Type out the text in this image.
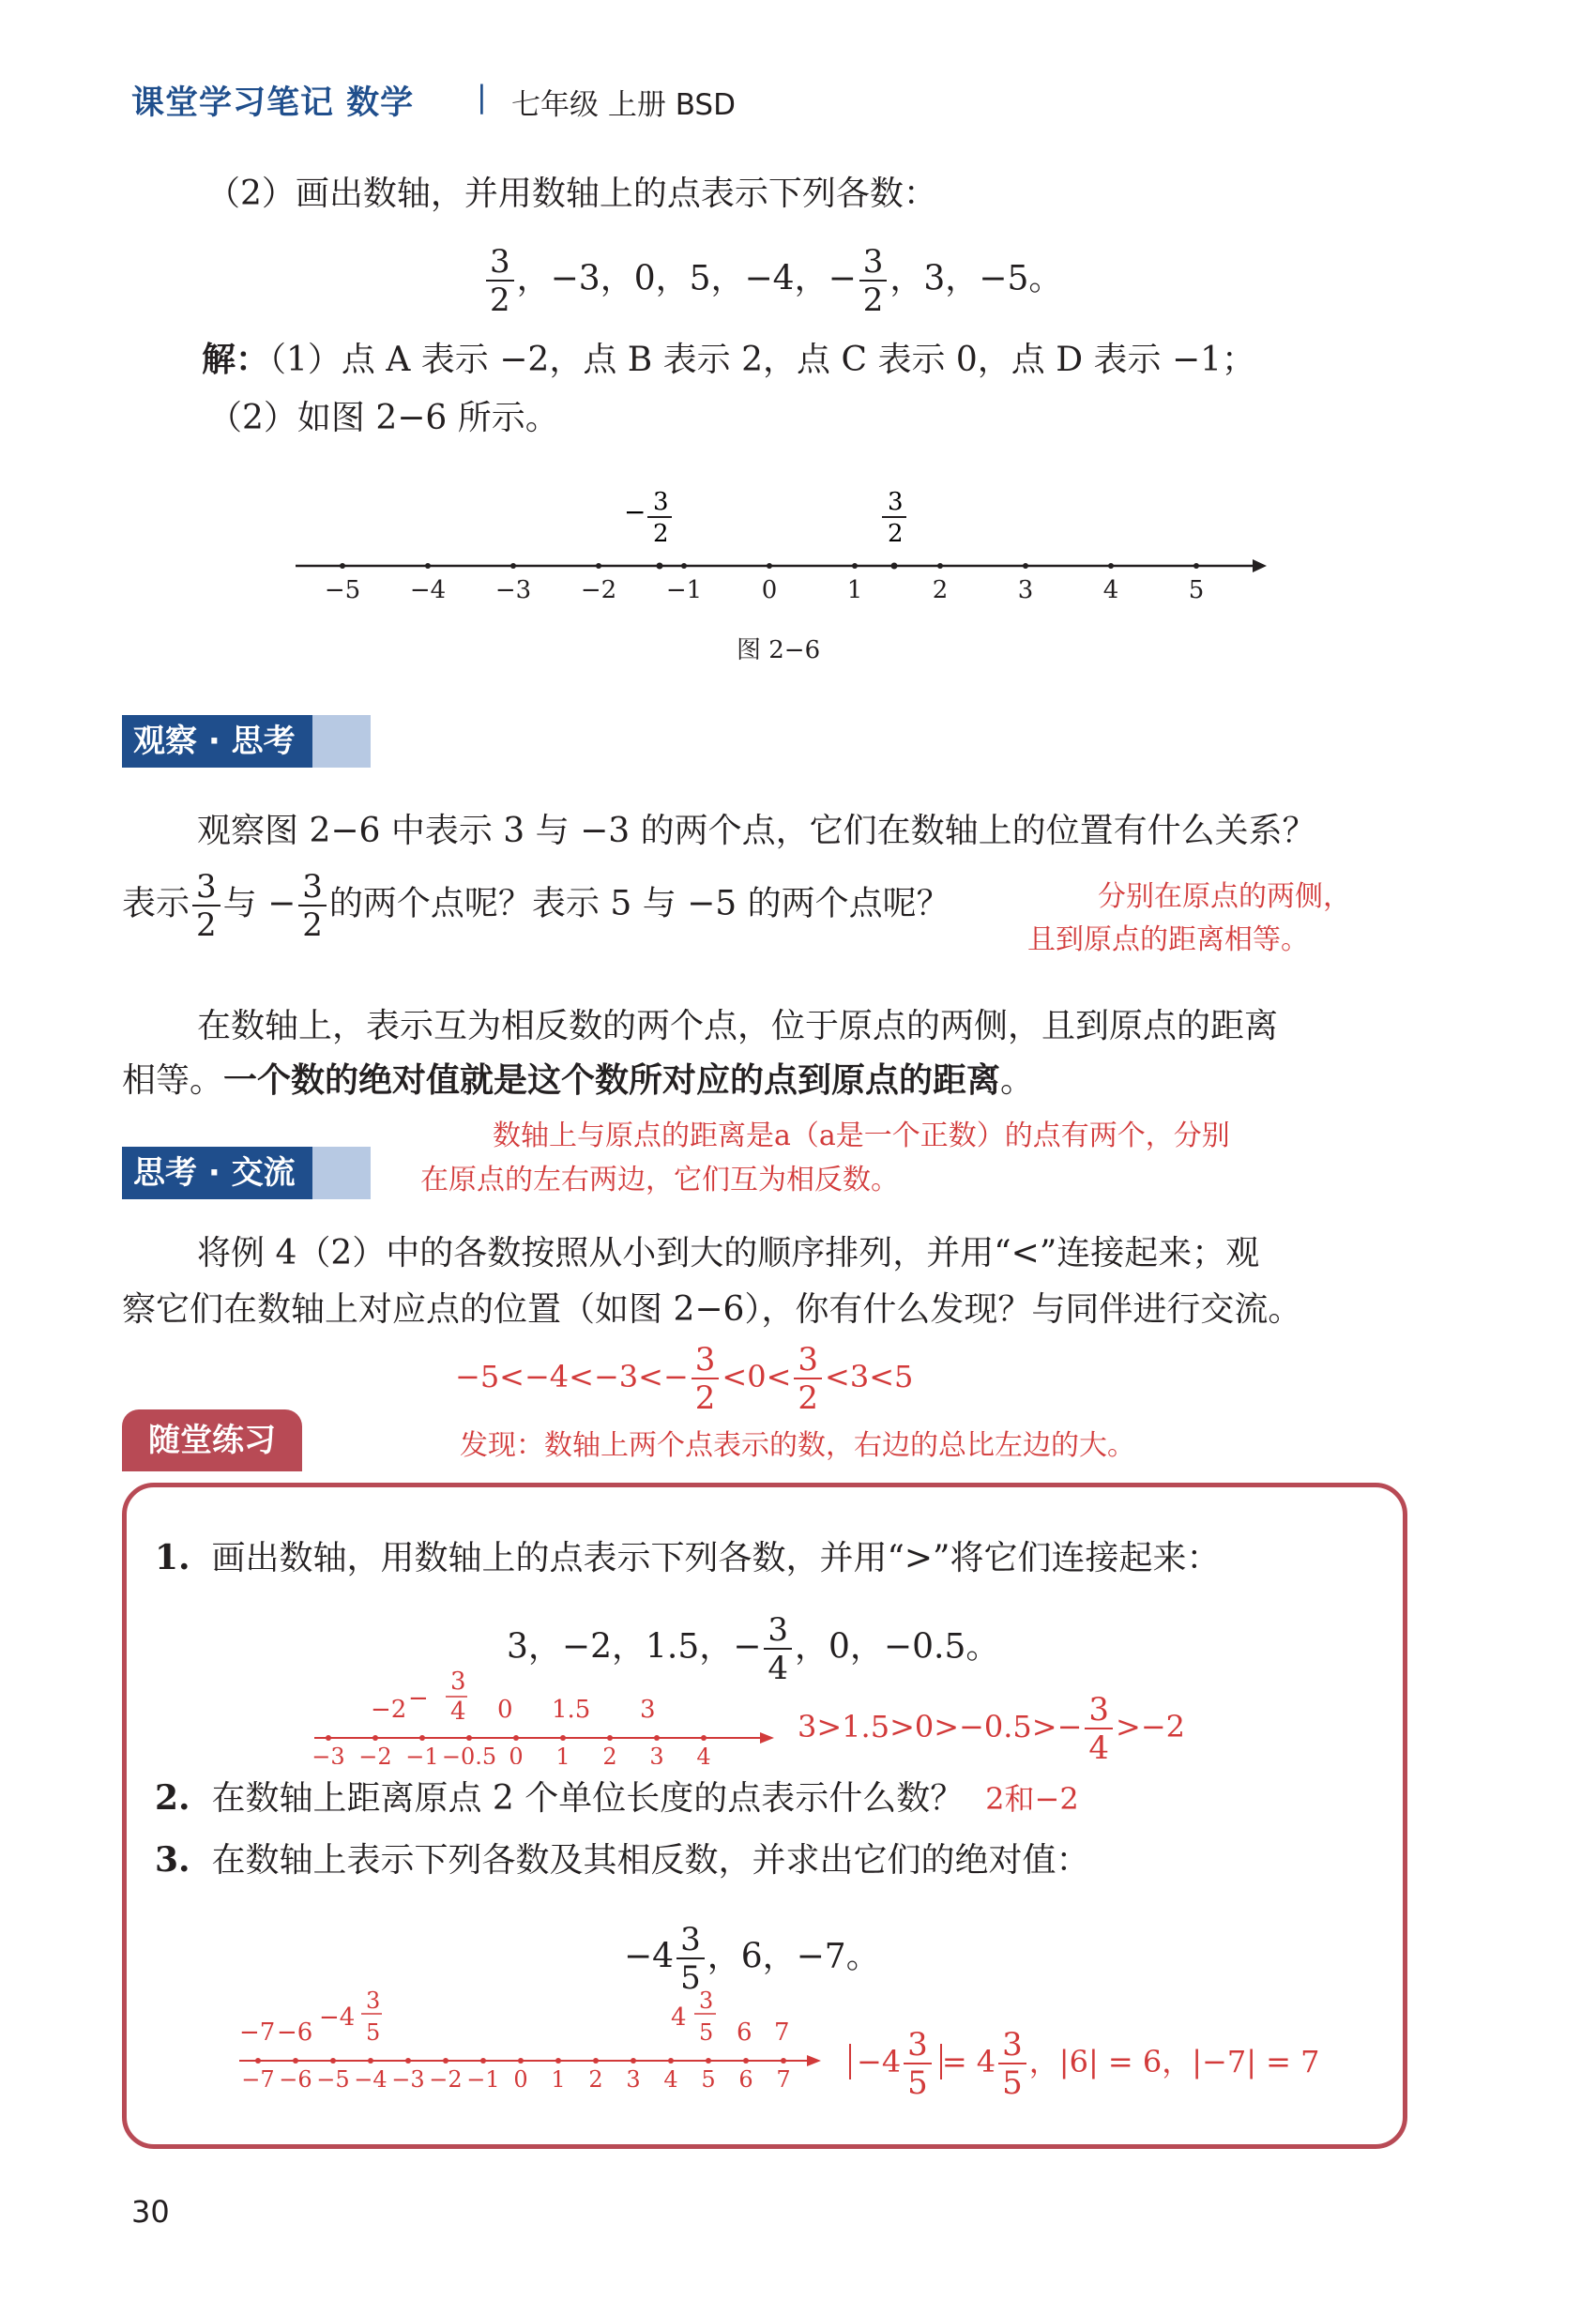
课堂学习笔记 数学 | 七年级 上册 BSD
（2）画出数轴，并用数轴上的点表示下列各数：
$\frac{3}{2}$ ，−3，0，5，−4，− $\frac{3}{2}$ ，3，−5。
解：（1）点 A 表示 −2，点 B 表示 2，点 C 表示 0，点 D 表示 −1；
（2）如图 2−6 所示。
−5 −4 −3 −2 −1 0	1	2	3	4	5
− 3
2
3
2
图 2−6
观察 · 思考
观察图 2−6 中表示 3 与 −3 的两个点，它们在数轴上的位置有什么关系？
表示 $\frac{3}{2}$ 与 − $\frac{3}{2}$ 的两个点呢？表示 5 与 −5 的两个点呢？	分别在原点的两侧，
且到原点的距离相等。
在数轴上，表示互为相反数的两个点，位于原点的两侧，且到原点的距离
相等。一个数的绝对值就是这个数所对应的点到原点的距离。
数轴上与原点的距离是a（a是一个正数）的点有两个，分别
思考 · 交流	在原点的左右两边，它们互为相反数。
将例 4（2）中的各数按照从小到大的顺序排列，并用“<”连接起来；观
察它们在数轴上对应点的位置（如图 2−6），你有什么发现？与同伴进行交流。
$-5<-4<-3<- \frac{3}{2} <0< \frac{3}{2} <3<5$
随堂练习	发现：数轴上两个点表示的数，右边的总比左边的大。
1. 画出数轴，用数轴上的点表示下列各数，并用“>”将它们连接起来：
3，−2，1.5，− $\frac{3}{4}$ ，0，−0.5。
−3 −2 −1 −0.5 0 1 2 3 4
−2 −
3
4 0 1.5 3	$3>1.5>0>-0.5>- \frac{3}{4} >-2$
2. 在数轴上距离原点 2 个单位长度的点表示什么数？ 2和−2
3. 在数轴上表示下列各数及其相反数，并求出它们的绝对值：
$-4 \frac{3}{5}$ ，6，−7。
−7 −6 −5 −4 −3 −2 −1 0 1 2 3 4 5 6 7
−7 −6
−4
3
5
4
3
5 6 7
$-4 \frac{3}{5} = 4 \frac{3}{5}$ ，|6| = 6，|−7| = 7
30
